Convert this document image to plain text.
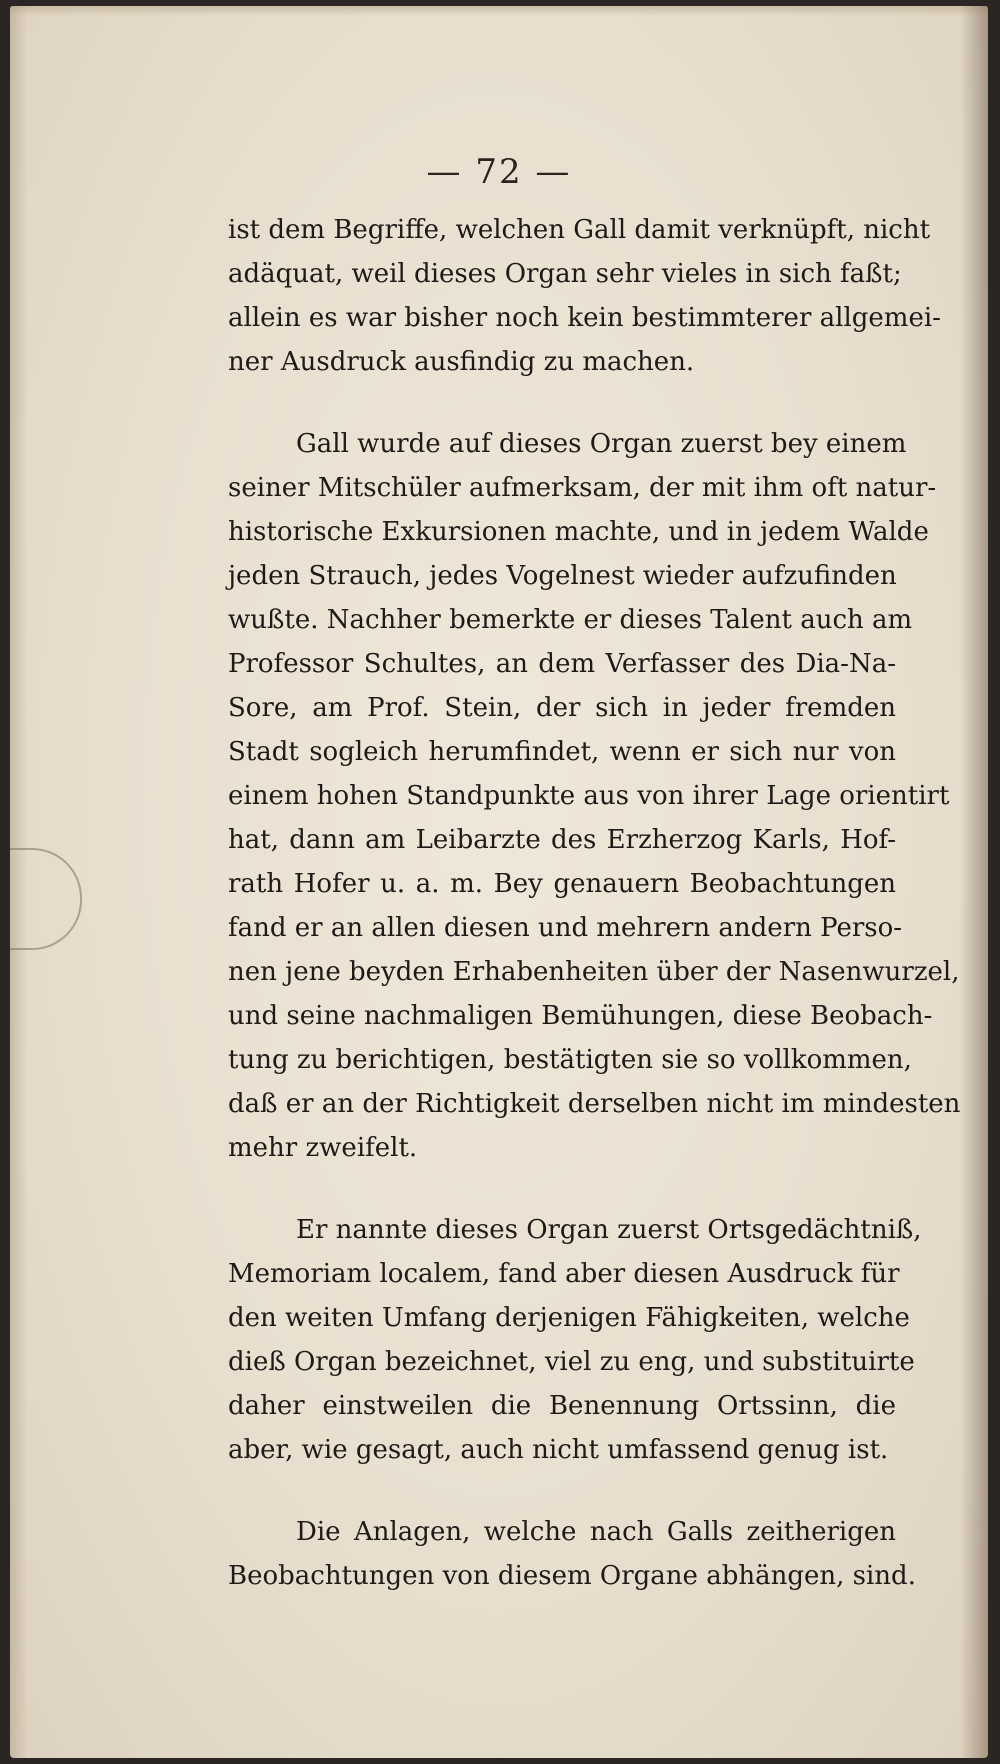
— 72 —
ist dem Begriffe, welchen Gall damit verknüpft, nicht
adäquat, weil dieses Organ sehr vieles in sich faßt;
allein es war bisher noch kein bestimmterer allgemei-
ner Ausdruck ausfindig zu machen.
Gall wurde auf dieses Organ zuerst bey einem
seiner Mitschüler aufmerksam, der mit ihm oft natur-
historische Exkursionen machte, und in jedem Walde
jeden Strauch, jedes Vogelnest wieder aufzufinden
wußte. Nachher bemerkte er dieses Talent auch am
Professor Schultes, an dem Verfasser des Dia-Na-
Sore, am Prof. Stein, der sich in jeder fremden
Stadt sogleich herumfindet, wenn er sich nur von
einem hohen Standpunkte aus von ihrer Lage orientirt
hat, dann am Leibarzte des Erzherzog Karls, Hof-
rath Hofer u. a. m. Bey genauern Beobachtungen
fand er an allen diesen und mehrern andern Perso-
nen jene beyden Erhabenheiten über der Nasenwurzel,
und seine nachmaligen Bemühungen, diese Beobach-
tung zu berichtigen, bestätigten sie so vollkommen,
daß er an der Richtigkeit derselben nicht im mindesten
mehr zweifelt.
Er nannte dieses Organ zuerst Ortsgedächtniß,
Memoriam localem, fand aber diesen Ausdruck für
den weiten Umfang derjenigen Fähigkeiten, welche
dieß Organ bezeichnet, viel zu eng, und substituirte
daher einstweilen die Benennung Ortssinn, die
aber, wie gesagt, auch nicht umfassend genug ist.
Die Anlagen, welche nach Galls zeitherigen
Beobachtungen von diesem Organe abhängen, sind.
